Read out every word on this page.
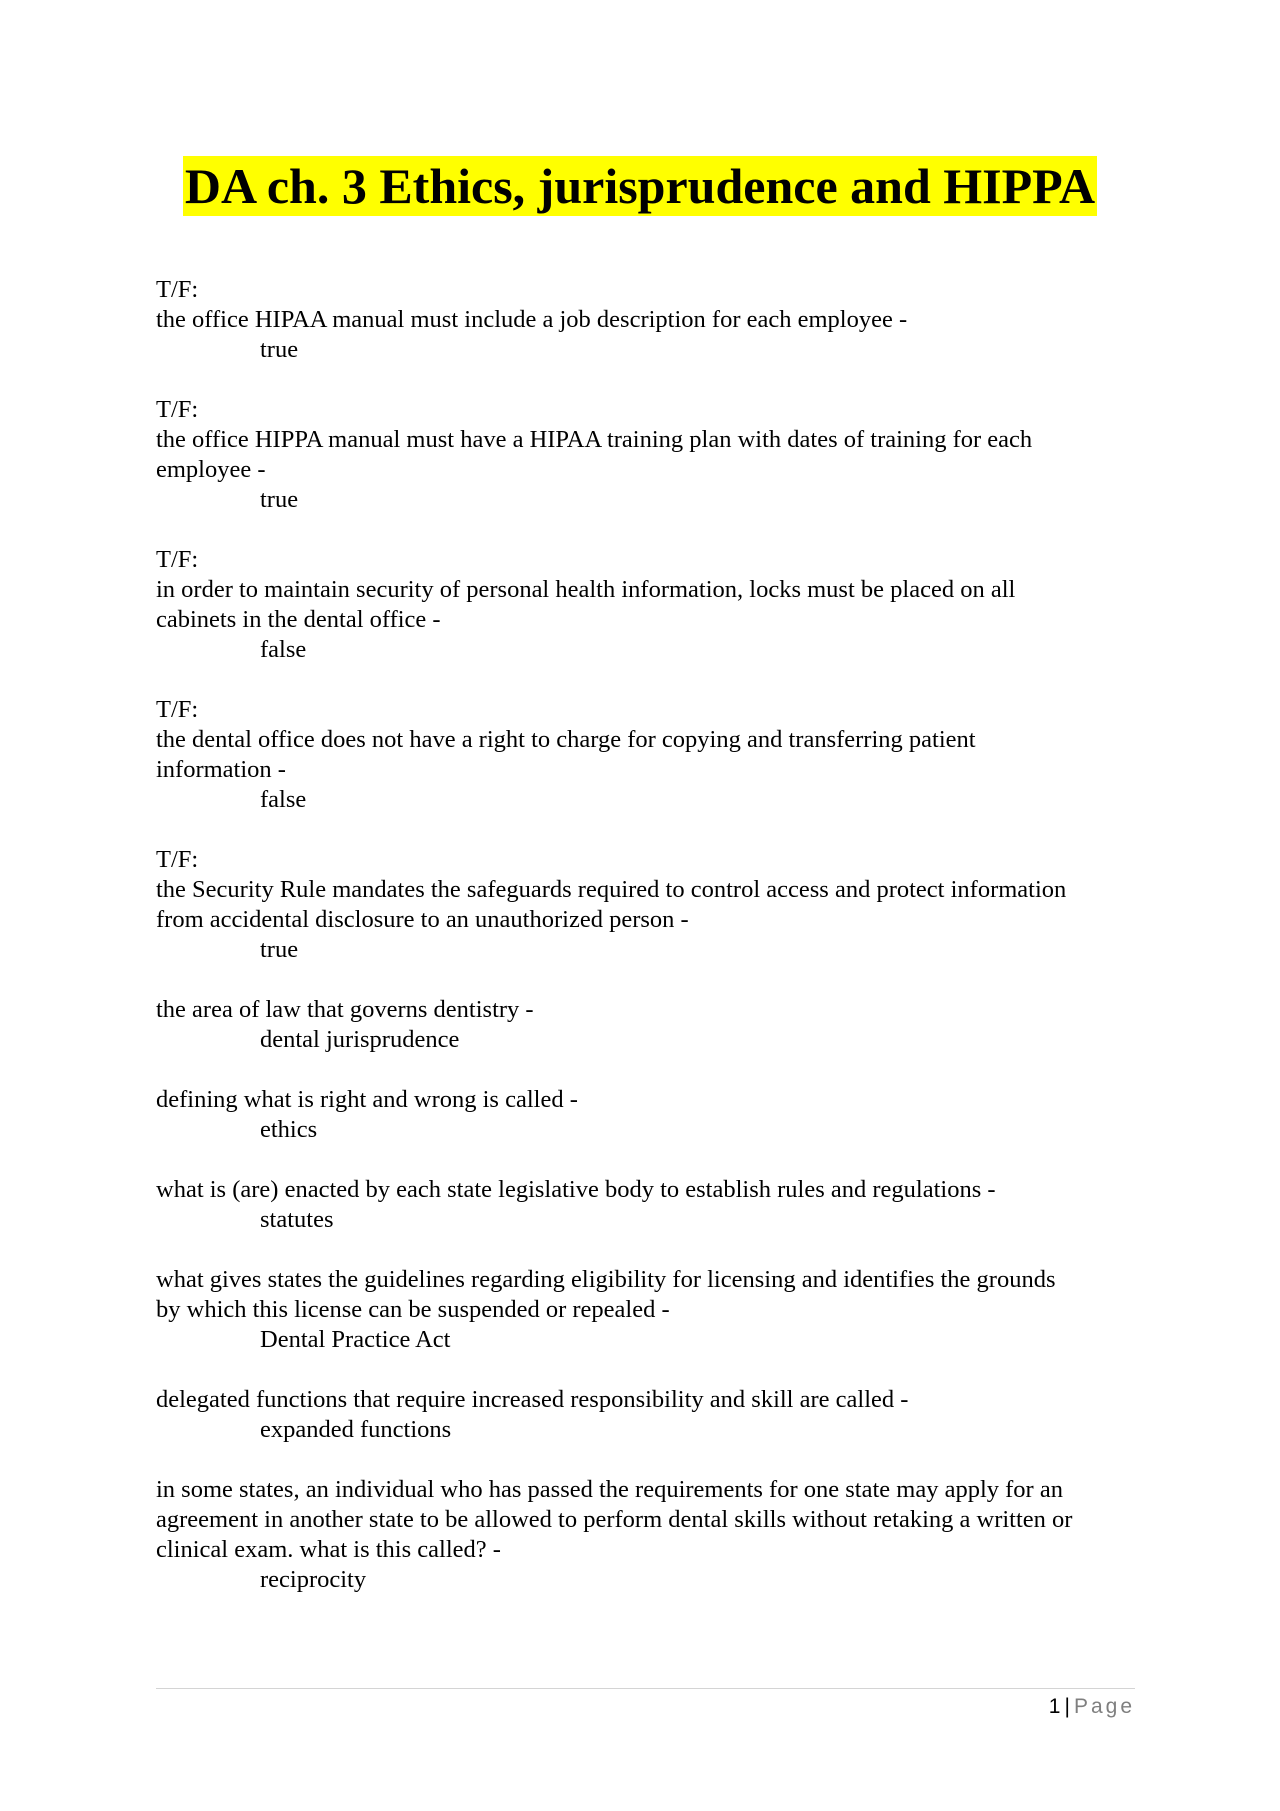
DA ch. 3 Ethics, jurisprudence and HIPPA
T/F:
the office HIPAA manual must include a job description for each employee -
true
T/F:
the office HIPPA manual must have a HIPAA training plan with dates of training for each
employee -
true
T/F:
in order to maintain security of personal health information, locks must be placed on all
cabinets in the dental office -
false
T/F:
the dental office does not have a right to charge for copying and transferring patient
information -
false
T/F:
the Security Rule mandates the safeguards required to control access and protect information
from accidental disclosure to an unauthorized person -
true
the area of law that governs dentistry -
dental jurisprudence
defining what is right and wrong is called -
ethics
what is (are) enacted by each state legislative body to establish rules and regulations -
statutes
what gives states the guidelines regarding eligibility for licensing and identifies the grounds
by which this license can be suspended or repealed -
Dental Practice Act
delegated functions that require increased responsibility and skill are called -
expanded functions
in some states, an individual who has passed the requirements for one state may apply for an
agreement in another state to be allowed to perform dental skills without retaking a written or
clinical exam. what is this called? -
reciprocity
1 | Page
